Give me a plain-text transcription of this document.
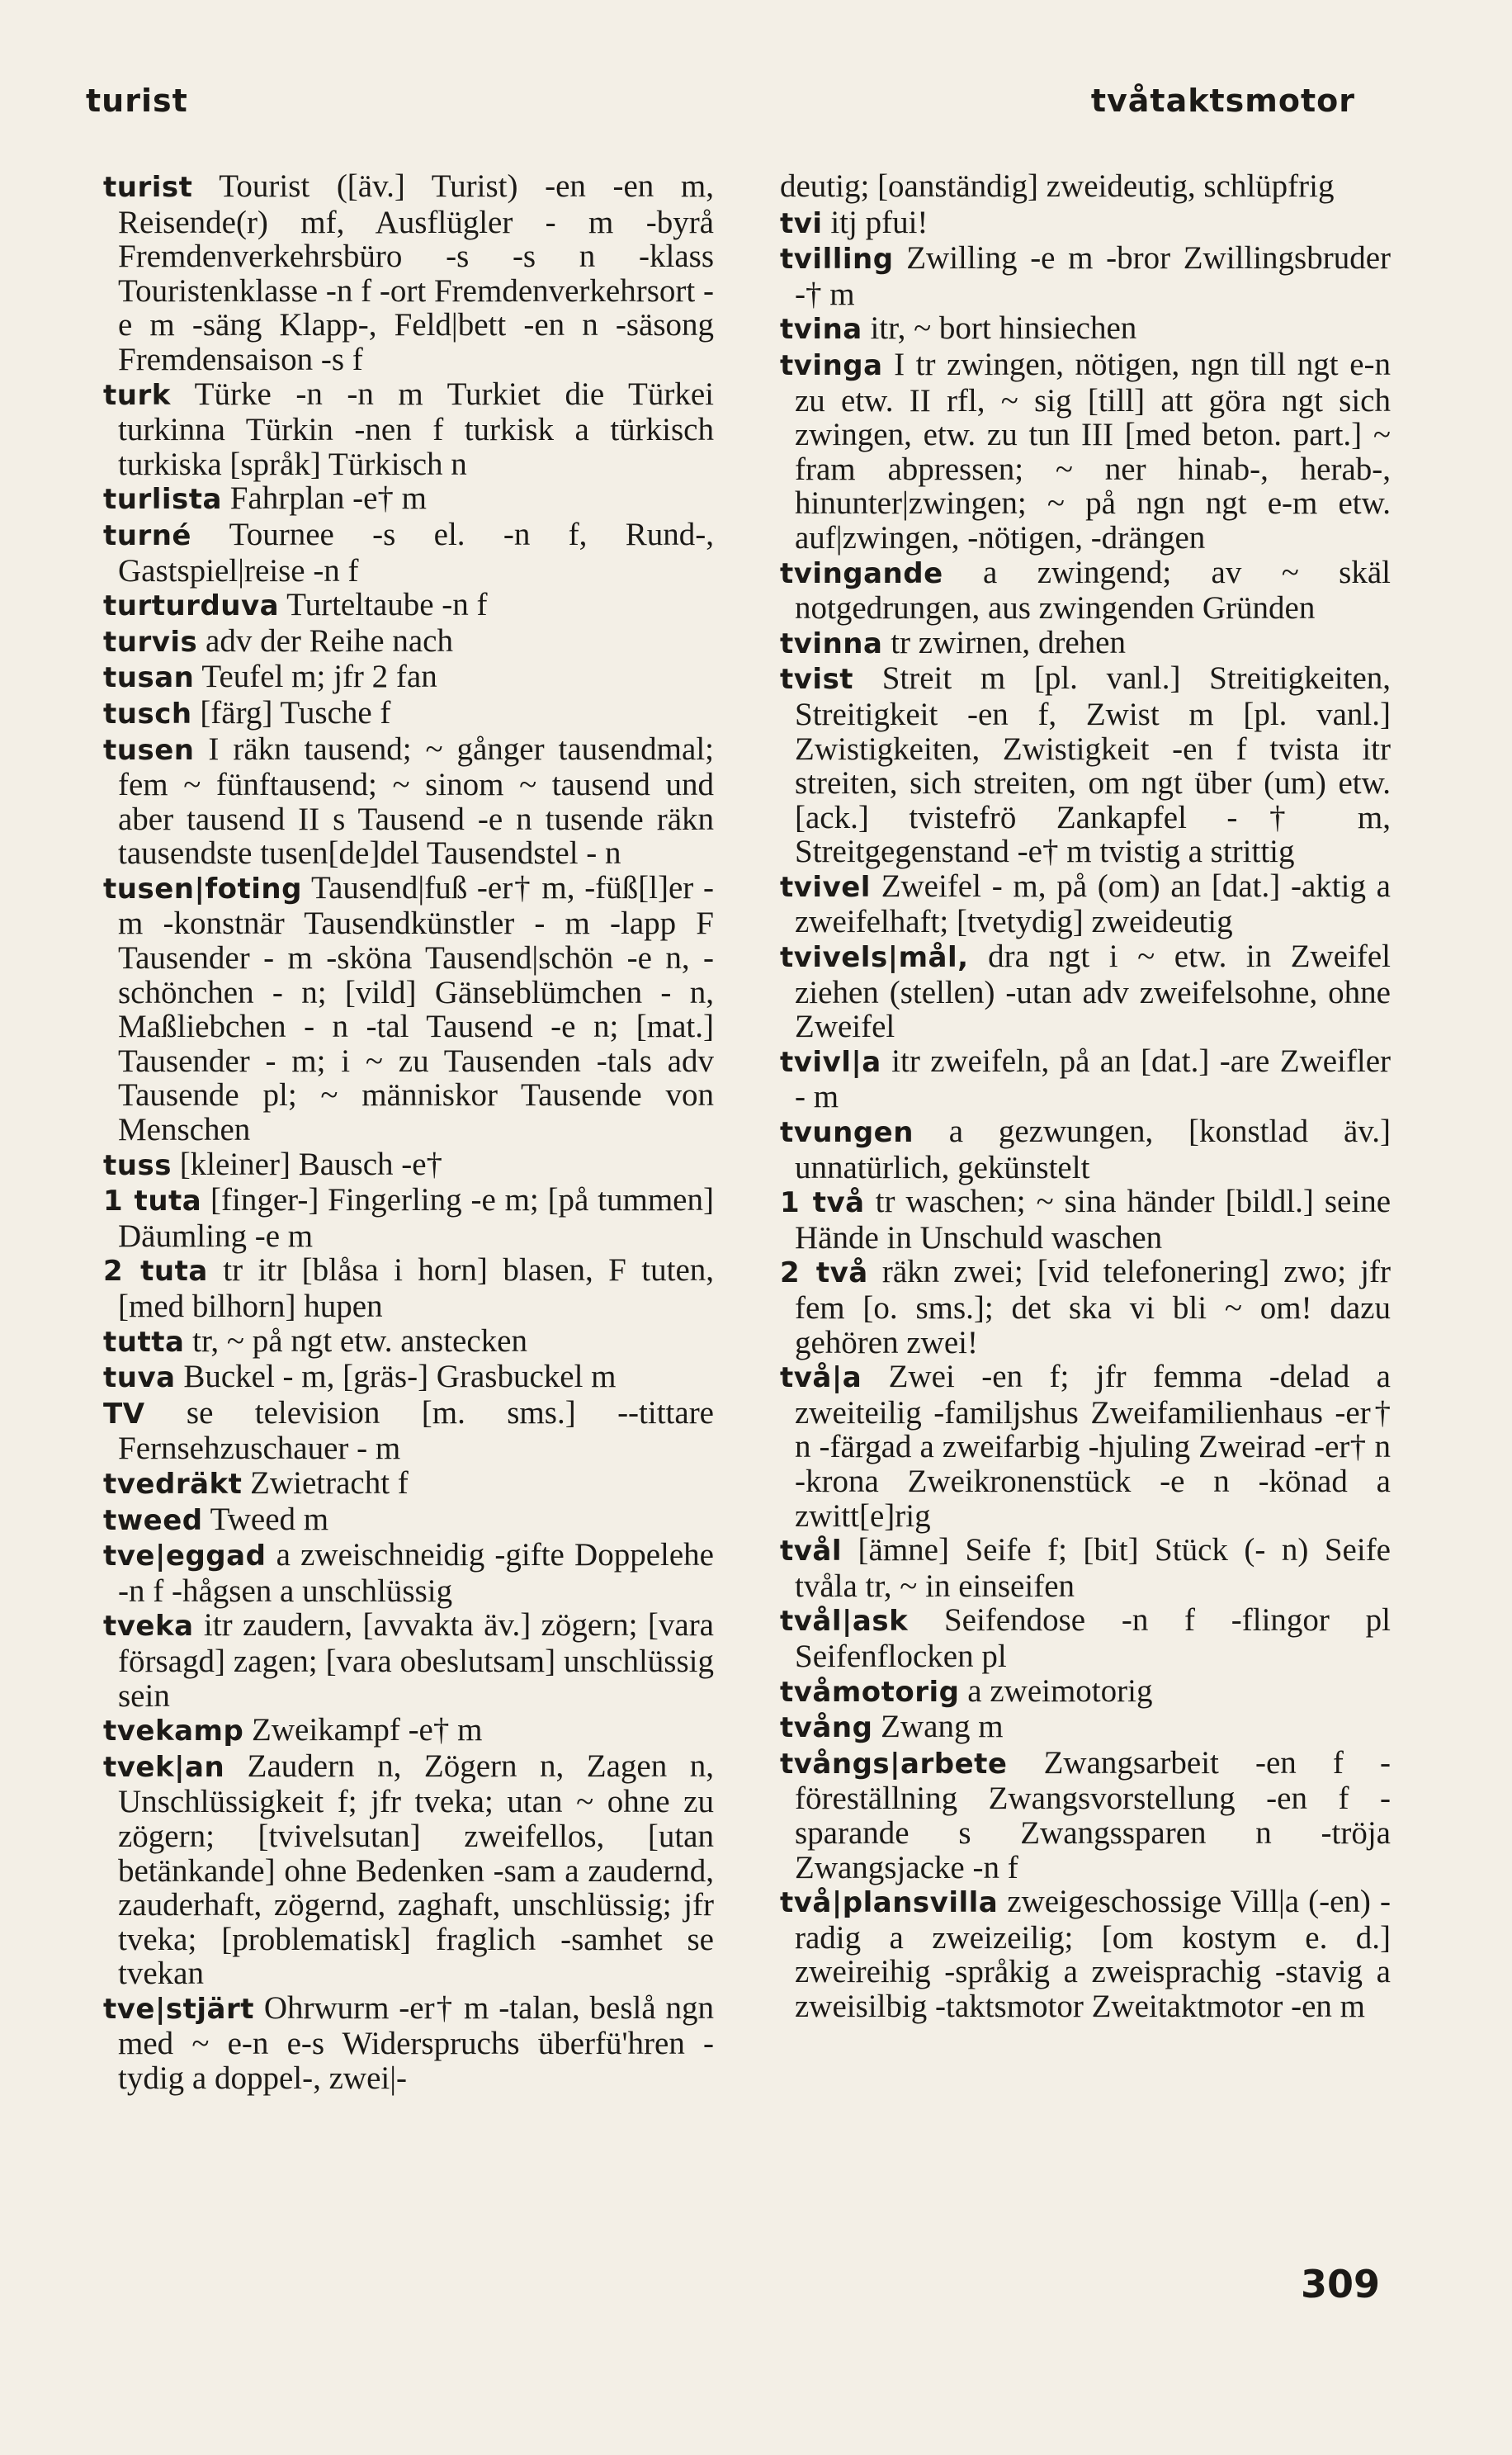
turist	tvåtaktsmotor

turist Tourist ([äv.] Turist) -en -en m, Reisende(r) mf, Ausflügler - m -byrå Fremdenverkehrsbüro -s -s n -klass Touristenklasse -n f -ort Fremdenverkehrsort -e m -säng Klapp-, Feld|bett -en n -säsong Fremdensaison -s f

turk Türke -n -n m Turkiet die Türkei turkinna Türkin -nen f turkisk a türkisch turkiska [språk] Türkisch n

turlista Fahrplan -e† m

turné Tournee -s el. -n f, Rund-, Gastspiel|reise -n f

turturduva Turteltaube -n f

turvis adv der Reihe nach

tusan Teufel m; jfr 2 fan

tusch [färg] Tusche f

tusen I räkn tausend; ~ gånger tausendmal; fem ~ fünftausend; ~ sinom ~ tausend und aber tausend II s Tausend -e n tusende räkn tausendste tusen[de]del Tausendstel - n

tusen|foting Tausend|fuß -er† m, -füß[l]er - m -konstnär Tausendkünstler - m -lapp F Tausender - m -sköna Tausend|schön -e n, -schönchen - n; [vild] Gänseblümchen - n, Maßliebchen - n -tal Tausend -e n; [mat.] Tausender - m; i ~ zu Tausenden -tals adv Tausende pl; ~ människor Tausende von Menschen

tuss [kleiner] Bausch -e†

1 tuta [finger-] Fingerling -e m; [på tummen] Däumling -e m

2 tuta tr itr [blåsa i horn] blasen, F tuten, [med bilhorn] hupen

tutta tr, ~ på ngt etw. anstecken

tuva Buckel - m, [gräs-] Grasbuckel m

TV se television [m. sms.] --tittare Fernsehzuschauer - m

tvedräkt Zwietracht f

tweed Tweed m

tve|eggad a zweischneidig -gifte Doppelehe -n f -hågsen a unschlüssig

tveka itr zaudern, [avvakta äv.] zögern; [vara försagd] zagen; [vara obeslutsam] unschlüssig sein

tvekamp Zweikampf -e† m

tvek|an Zaudern n, Zögern n, Zagen n, Unschlüssigkeit f; jfr tveka; utan ~ ohne zu zögern; [tvivelsutan] zweifellos, [utan betänkande] ohne Bedenken -sam a zaudernd, zauderhaft, zögernd, zaghaft, unschlüssig; jfr tveka; [problematisk] fraglich -samhet se tvekan

tve|stjärt Ohrwurm -er† m -talan, beslå ngn med ~ e-n e-s Widerspruchs überfü'hren -tydig a doppel-, zwei|-

deutig; [oanständig] zweideutig, schlüpfrig

tvi itj pfui!

tvilling Zwilling -e m -bror Zwillingsbruder -† m

tvina itr, ~ bort hinsiechen

tvinga I tr zwingen, nötigen, ngn till ngt e-n zu etw. II rfl, ~ sig [till] att göra ngt sich zwingen, etw. zu tun III [med beton. part.] ~ fram abpressen; ~ ner hinab-, herab-, hinunter|zwingen; ~ på ngn ngt e-m etw. auf|zwingen, -nötigen, -drängen

tvingande a zwingend; av ~ skäl notgedrungen, aus zwingenden Gründen

tvinna tr zwirnen, drehen

tvist Streit m [pl. vanl.] Streitigkeiten, Streitigkeit -en f, Zwist m [pl. vanl.] Zwistigkeiten, Zwistigkeit -en f tvista itr streiten, sich streiten, om ngt über (um) etw. [ack.] tvistefrö Zankapfel -† m, Streitgegenstand -e† m tvistig a strittig

tvivel Zweifel - m, på (om) an [dat.] -aktig a zweifelhaft; [tvetydig] zweideutig

tvivels|mål, dra ngt i ~ etw. in Zweifel ziehen (stellen) -utan adv zweifelsohne, ohne Zweifel

tvivl|a itr zweifeln, på an [dat.] -are Zweifler - m

tvungen a gezwungen, [konstlad äv.] unnatürlich, gekünstelt

1 två tr waschen; ~ sina händer [bildl.] seine Hände in Unschuld waschen

2 två räkn zwei; [vid telefonering] zwo; jfr fem [o. sms.]; det ska vi bli ~ om! dazu gehören zwei!

två|a Zwei -en f; jfr femma -delad a zweiteilig -familjshus Zweifamilienhaus -er† n -färgad a zweifarbig -hjuling Zweirad -er† n -krona Zweikronenstück -e n -könad a zwitt[e]rig

tvål [ämne] Seife f; [bit] Stück (- n) Seife tvåla tr, ~ in einseifen

tvål|ask Seifendose -n f -flingor pl Seifenflocken pl

tvåmotorig a zweimotorig

tvång Zwang m

tvångs|arbete Zwangsarbeit -en f -föreställning Zwangsvorstellung -en f -sparande s Zwangssparen n -tröja Zwangsjacke -n f

två|plansvilla zweigeschossige Vill|a (-en) -radig a zweizeilig; [om kostym e. d.] zweireihig -språkig a zweisprachig -stavig a zweisilbig -taktsmotor Zweitaktmotor -en m

309
